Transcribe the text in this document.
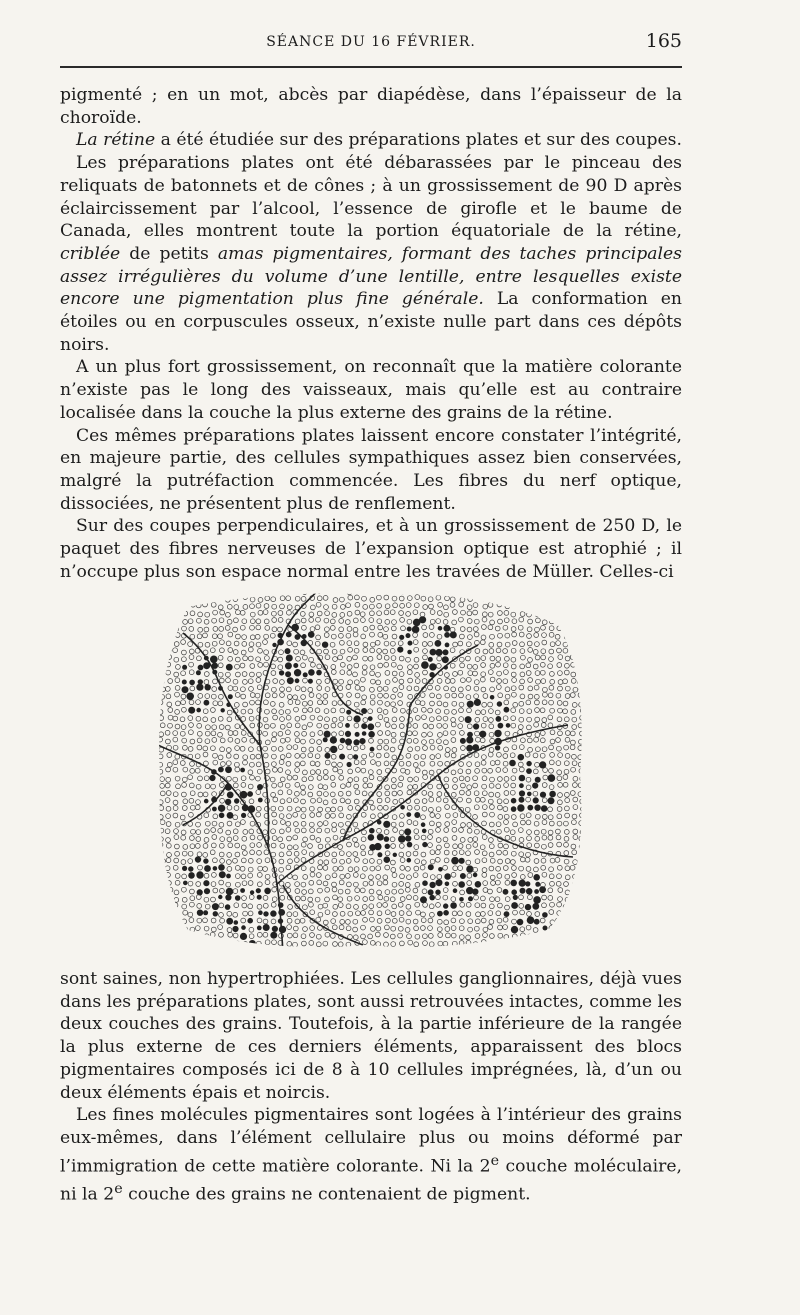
SÉANCE DU 16 FÉVRIER.	165

pigmenté ; en un mot, abcès par diapédèse, dans l’épaisseur de la choroïde.

La rétine a été étudiée sur des préparations plates et sur des coupes.

Les préparations plates ont été débarassées par le pinceau des reliquats de batonnets et de cônes ; à un grossissement de 90 D après éclaircissement par l’alcool, l’essence de girofle et le baume de Canada, elles montrent toute la portion équatoriale de la rétine, criblée de petits amas pigmentaires, formant des taches principales assez irrégulières du volume d’une lentille, entre lesquelles existe encore une pigmentation plus fine générale. La conformation en étoiles ou en corpuscules osseux, n’existe nulle part dans ces dépôts noirs.

A un plus fort grossissement, on reconnaît que la matière colorante n’existe pas le long des vaisseaux, mais qu’elle est au contraire localisée dans la couche la plus externe des grains de la rétine.

Ces mêmes préparations plates laissent encore constater l’intégrité, en majeure partie, des cellules sympathiques assez bien conservées, malgré la putréfaction commencée. Les fibres du nerf optique, dissociées, ne présentent plus de renflement.

Sur des coupes perpendiculaires, et à un grossissement de 250 D, le paquet des fibres nerveuses de l’expansion optique est atrophié ; il n’occupe plus son espace normal entre les travées de Müller. Celles-ci

sont saines, non hypertrophiées. Les cellules ganglionnaires, déjà vues dans les préparations plates, sont aussi retrouvées intactes, comme les deux couches des grains. Toutefois, à la partie inférieure de la rangée la plus externe de ces derniers éléments, apparaissent des blocs pigmentaires composés ici de 8 à 10 cellules imprégnées, là, d’un ou deux éléments épais et noircis.

Les fines molécules pigmentaires sont logées à l’intérieur des grains eux-mêmes, dans l’élément cellulaire plus ou moins déformé par l’immigration de cette matière colorante. Ni la 2e couche moléculaire, ni la 2e couche des grains ne contenaient de pigment.
